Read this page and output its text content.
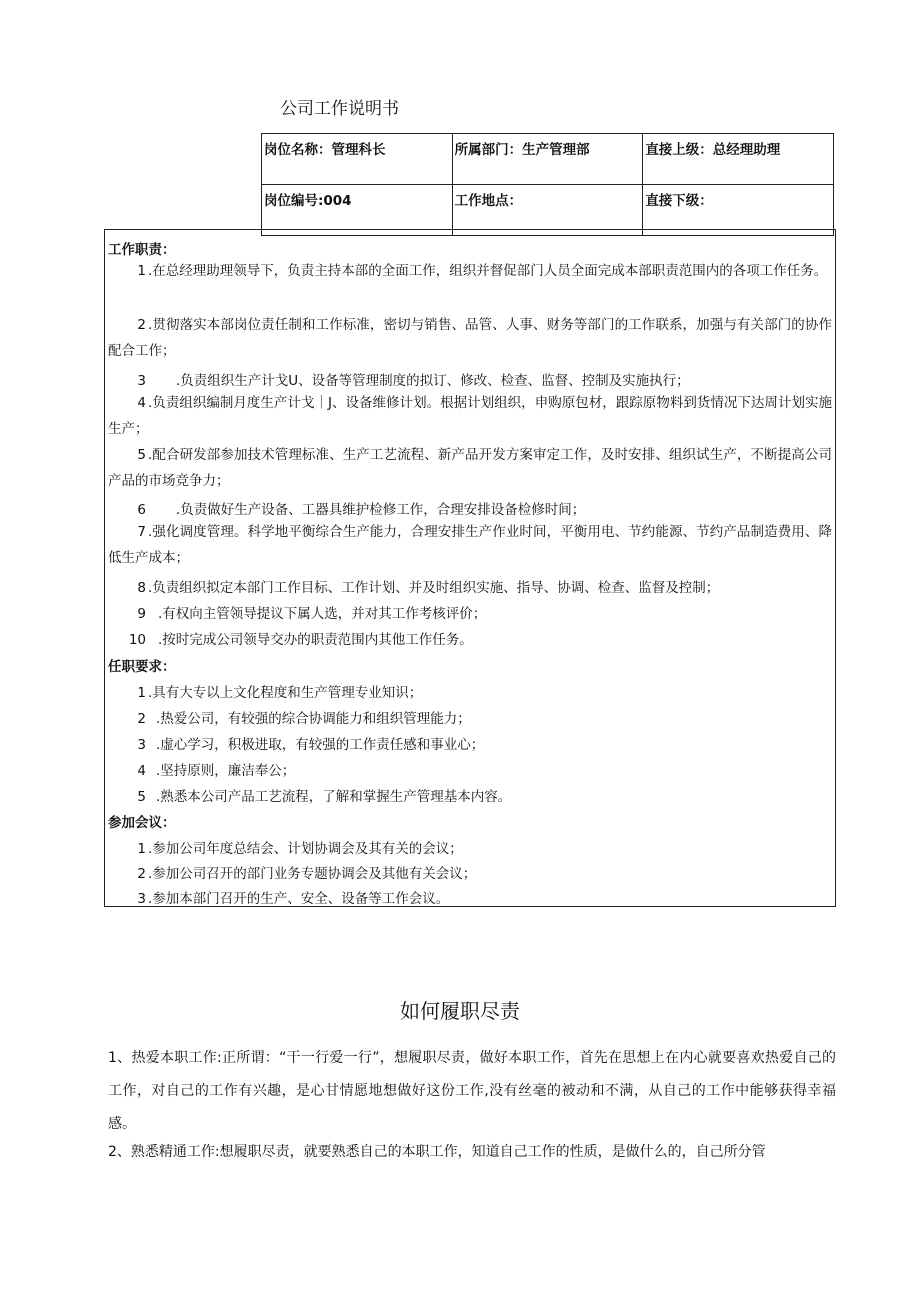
公司工作说明书
岗位名称：管理科长	所属部门：生产管理部	直接上级：总经理助理
岗位编号:004	工作地点：	直接下级：
工作职责：
1 .在总经理助理领导下，负责主持本部的全面工作，组织并督促部门人员全面完成本部职责范围内的各项工作任务。
2 .贯彻落实本部岗位责任制和工作标准，密切与销售、品管、人事、财务等部门的工作联系，加强与有关部门的协作配合工作；
3 .负责组织生产计戈U、设备等管理制度的拟订、修改、检查、监督、控制及实施执行；
4 .负责组织编制月度生产计戈｜J、设备维修计划。根据计划组织，申购原包材，跟踪原物料到货情况下达周计划实施生产；
5 .配合研发部参加技术管理标准、生产工艺流程、新产品开发方案审定工作，及时安排、组织试生产，不断提高公司产品的市场竞争力；
6 .负责做好生产设备、工器具维护检修工作，合理安排设备检修时间；
7 .强化调度管理。科学地平衡综合生产能力，合理安排生产作业时间，平衡用电、节约能源、节约产品制造费用、降低生产成本；
8 .负责组织拟定本部门工作目标、工作计划、并及时组织实施、指导、协调、检查、监督及控制；
9 .有权向主管领导提议下属人选，并对其工作考核评价；
10 .按时完成公司领导交办的职责范围内其他工作任务。
任职要求：
1 .具有大专以上文化程度和生产管理专业知识；
2 .热爱公司，有较强的综合协调能力和组织管理能力；
3 .虚心学习，积极进取，有较强的工作责任感和事业心；
4 .坚持原则，廉洁奉公；
5 .熟悉本公司产品工艺流程，了解和掌握生产管理基本内容。
参加会议：
1 .参加公司年度总结会、计划协调会及其有关的会议；
2 .参加公司召开的部门业务专题协调会及其他有关会议；
3 .参加本部门召开的生产、安全、设备等工作会议。
如何履职尽责
1、热爱本职工作:正所谓：“干一行爱一行”，想履职尽责，做好本职工作，首先在思想上在内心就要喜欢热爱自己的工作，对自己的工作有兴趣，是心甘情愿地想做好这份工作,没有丝毫的被动和不满，从自己的工作中能够获得幸福感。
2、熟悉精通工作:想履职尽责，就要熟悉自己的本职工作，知道自己工作的性质，是做什么的，自己所分管
